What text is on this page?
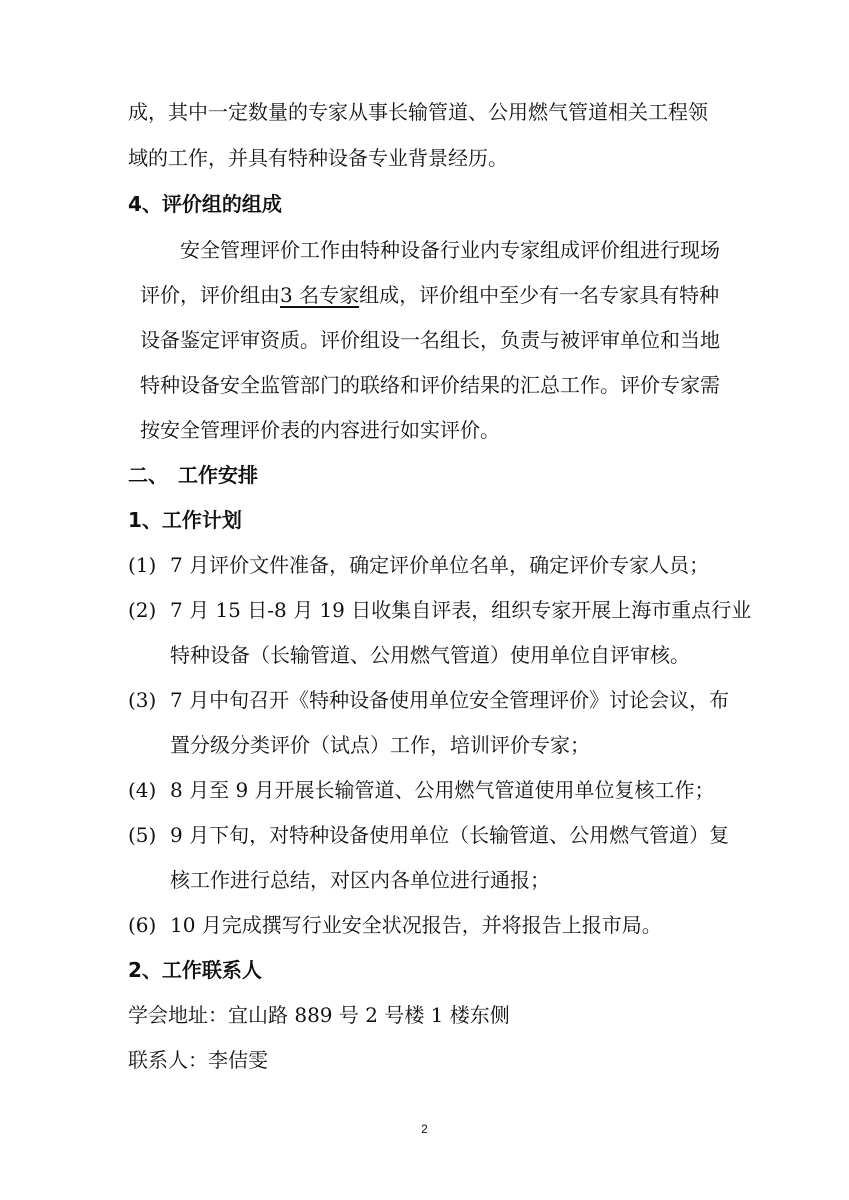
成，其中一定数量的专家从事长输管道、公用燃气管道相关工程领
域的工作，并具有特种设备专业背景经历。
4、评价组的组成
安全管理评价工作由特种设备行业内专家组成评价组进行现场
评价，评价组由3 名专家组成，评价组中至少有一名专家具有特种
设备鉴定评审资质。评价组设一名组长，负责与被评审单位和当地
特种设备安全监管部门的联络和评价结果的汇总工作。评价专家需
按安全管理评价表的内容进行如实评价。
二、　工作安排
1、工作计划
(1) 7 月评价文件准备，确定评价单位名单，确定评价专家人员；
(2) 7 月 15 日-8 月 19 日收集自评表，组织专家开展上海市重点行业
特种设备（长输管道、公用燃气管道）使用单位自评审核。
(3) 7 月中旬召开《特种设备使用单位安全管理评价》讨论会议，布
置分级分类评价（试点）工作，培训评价专家；
(4) 8 月至 9 月开展长输管道、公用燃气管道使用单位复核工作；
(5) 9 月下旬，对特种设备使用单位（长输管道、公用燃气管道）复
核工作进行总结，对区内各单位进行通报；
(6) 10 月完成撰写行业安全状况报告，并将报告上报市局。
2、工作联系人
学会地址：宜山路 889 号 2 号楼 1 楼东侧
联系人：李佶雯
2
